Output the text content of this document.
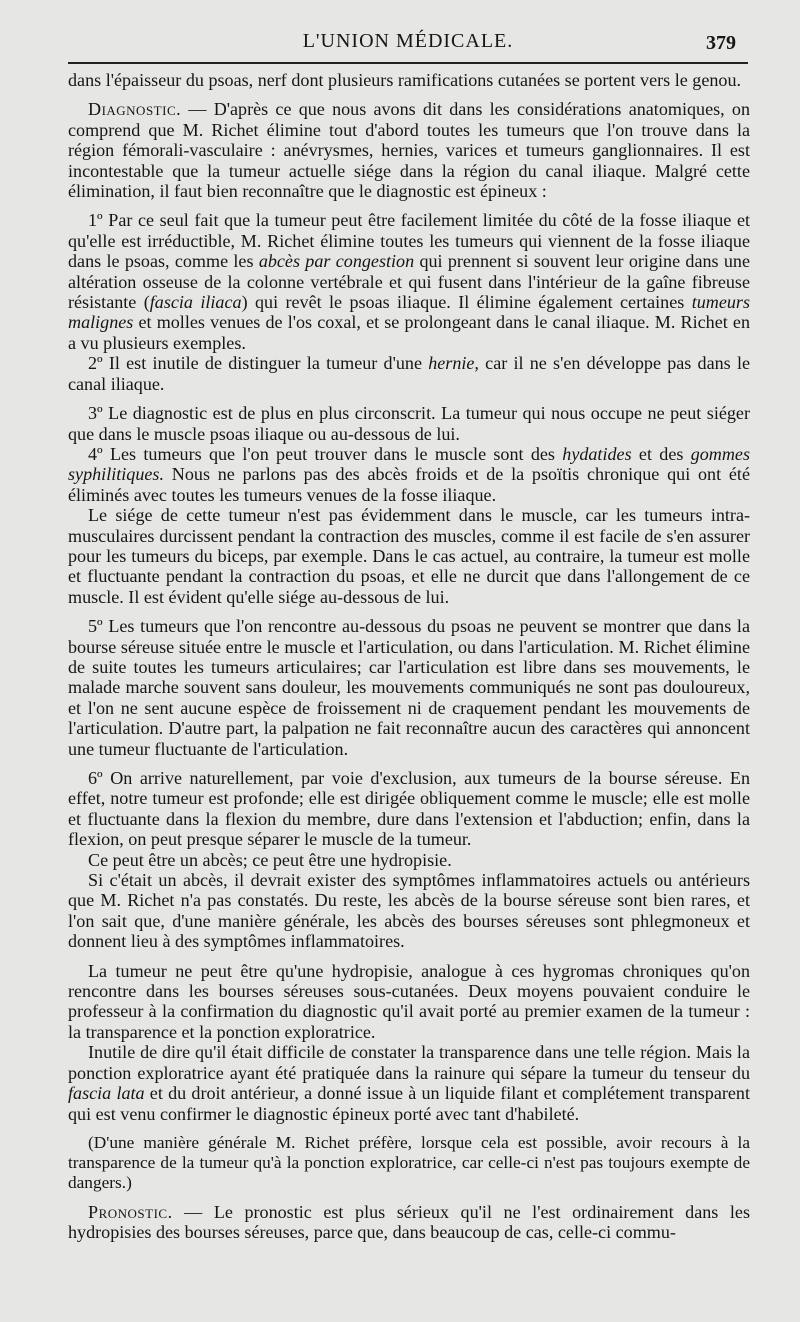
L'UNION MÉDICALE.	379

dans l'épaisseur du psoas, nerf dont plusieurs ramifications cutanées se portent vers le genou.

Diagnostic. — D'après ce que nous avons dit dans les considérations anatomiques, on comprend que M. Richet élimine tout d'abord toutes les tumeurs que l'on trouve dans la région fémorali-vasculaire : anévrysmes, hernies, varices et tumeurs ganglionnaires. Il est incontestable que la tumeur actuelle siége dans la région du canal iliaque. Malgré cette élimination, il faut bien reconnaître que le diagnostic est épineux :

1º Par ce seul fait que la tumeur peut être facilement limitée du côté de la fosse iliaque et qu'elle est irréductible, M. Richet élimine toutes les tumeurs qui viennent de la fosse iliaque dans le psoas, comme les abcès par congestion qui prennent si souvent leur origine dans une altération osseuse de la colonne vertébrale et qui fusent dans l'intérieur de la gaîne fibreuse résistante (fascia iliaca) qui revêt le psoas iliaque. Il élimine également certaines tumeurs malignes et molles venues de l'os coxal, et se prolongeant dans le canal iliaque. M. Richet en a vu plusieurs exemples.

2º Il est inutile de distinguer la tumeur d'une hernie, car il ne s'en développe pas dans le canal iliaque.

3º Le diagnostic est de plus en plus circonscrit. La tumeur qui nous occupe ne peut siéger que dans le muscle psoas iliaque ou au-dessous de lui.

4º Les tumeurs que l'on peut trouver dans le muscle sont des hydatides et des gommes syphilitiques. Nous ne parlons pas des abcès froids et de la psoïtis chronique qui ont été éliminés avec toutes les tumeurs venues de la fosse iliaque.

Le siége de cette tumeur n'est pas évidemment dans le muscle, car les tumeurs intra-musculaires durcissent pendant la contraction des muscles, comme il est facile de s'en assurer pour les tumeurs du biceps, par exemple. Dans le cas actuel, au contraire, la tumeur est molle et fluctuante pendant la contraction du psoas, et elle ne durcit que dans l'allongement de ce muscle. Il est évident qu'elle siége au-dessous de lui.

5º Les tumeurs que l'on rencontre au-dessous du psoas ne peuvent se montrer que dans la bourse séreuse située entre le muscle et l'articulation, ou dans l'articulation. M. Richet élimine de suite toutes les tumeurs articulaires; car l'articulation est libre dans ses mouvements, le malade marche souvent sans douleur, les mouvements communiqués ne sont pas douloureux, et l'on ne sent aucune espèce de froissement ni de craquement pendant les mouvements de l'articulation. D'autre part, la palpation ne fait reconnaître aucun des caractères qui annoncent une tumeur fluctuante de l'articulation.

6º On arrive naturellement, par voie d'exclusion, aux tumeurs de la bourse séreuse. En effet, notre tumeur est profonde; elle est dirigée obliquement comme le muscle; elle est molle et fluctuante dans la flexion du membre, dure dans l'extension et l'abduction; enfin, dans la flexion, on peut presque séparer le muscle de la tumeur.

Ce peut être un abcès; ce peut être une hydropisie.

Si c'était un abcès, il devrait exister des symptômes inflammatoires actuels ou antérieurs que M. Richet n'a pas constatés. Du reste, les abcès de la bourse séreuse sont bien rares, et l'on sait que, d'une manière générale, les abcès des bourses séreuses sont phlegmoneux et donnent lieu à des symptômes inflammatoires.

La tumeur ne peut être qu'une hydropisie, analogue à ces hygromas chroniques qu'on rencontre dans les bourses séreuses sous-cutanées. Deux moyens pouvaient conduire le professeur à la confirmation du diagnostic qu'il avait porté au premier examen de la tumeur : la transparence et la ponction exploratrice.

Inutile de dire qu'il était difficile de constater la transparence dans une telle région. Mais la ponction exploratrice ayant été pratiquée dans la rainure qui sépare la tumeur du tenseur du fascia lata et du droit antérieur, a donné issue à un liquide filant et complétement transparent qui est venu confirmer le diagnostic épineux porté avec tant d'habileté.

(D'une manière générale M. Richet préfère, lorsque cela est possible, avoir recours à la transparence de la tumeur qu'à la ponction exploratrice, car celle-ci n'est pas toujours exempte de dangers.)

Pronostic. — Le pronostic est plus sérieux qu'il ne l'est ordinairement dans les hydropisies des bourses séreuses, parce que, dans beaucoup de cas, celle-ci commu-
